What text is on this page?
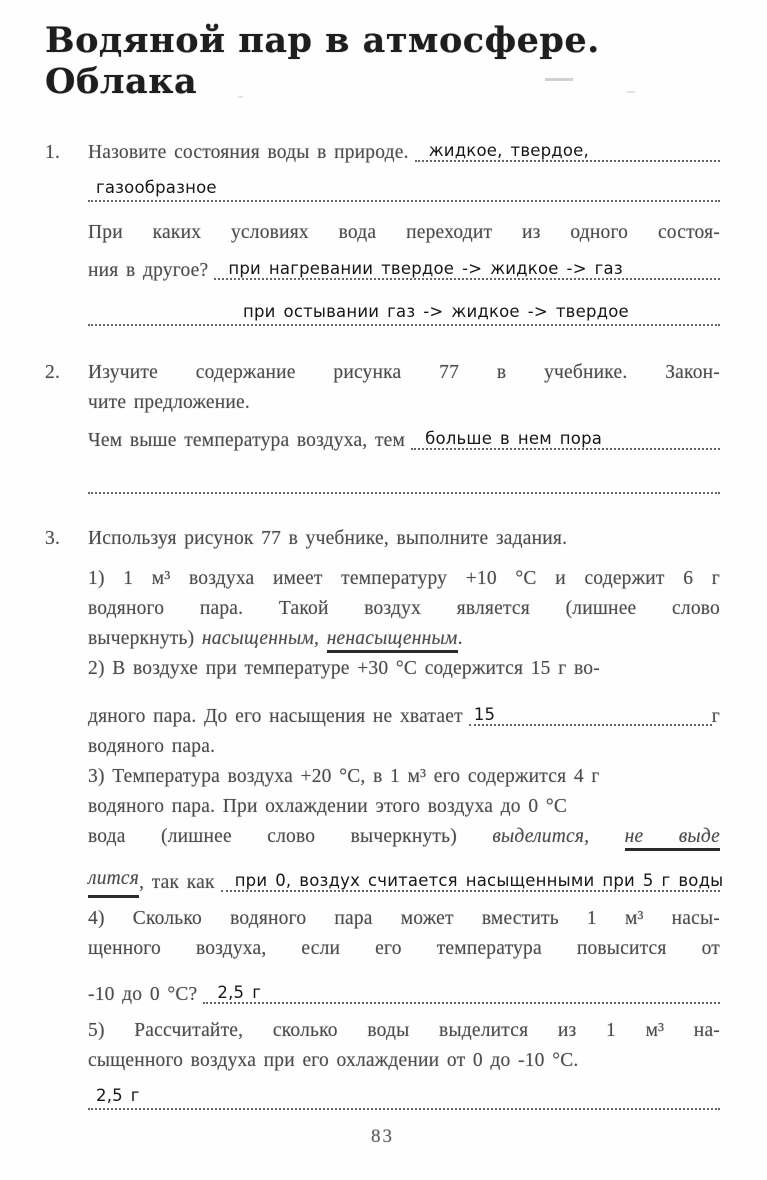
Водяной пар в атмосфере.
Облака
1.	Назовите состояния воды в природе. жидкое, твердое,
газообразное
При каких условиях вода переходит из одного состоя-
ния в другое? при нагревании твердое -> жидкое -> газ
при остывании газ -> жидкое -> твердое
2.	Изучите содержание рисунка 77 в учебнике. Закон-
чите предложение.
Чем выше температура воздуха, тем больше в нем пора
3.	Используя рисунок 77 в учебнике, выполните задания.
1) 1 м³ воздуха имеет температуру +10 °С и содержит 6 г
водяного пара. Такой воздух является (лишнее слово
вычеркнуть) насыщенным, ненасыщенным.
2) В воздухе при температуре +30 °С содержится 15 г во-
дяного пара. До его насыщения не хватает 15	г
водяного пара.
3) Температура воздуха +20 °С, в 1 м³ его содержится 4 г
водяного пара. При охлаждении этого воздуха до 0 °С
вода (лишнее слово вычеркнуть) выделится, не выде
лится , так как при 0, воздух считается насыщенными при 5 г воды
4) Сколько водяного пара может вместить 1 м³ насы-
щенного воздуха, если его температура повысится от
-10 до 0 °С? 2,5 г
5) Рассчитайте, сколько воды выделится из 1 м³ на-
сыщенного воздуха при его охлаждении от 0 до -10 °С.
2,5 г
83
